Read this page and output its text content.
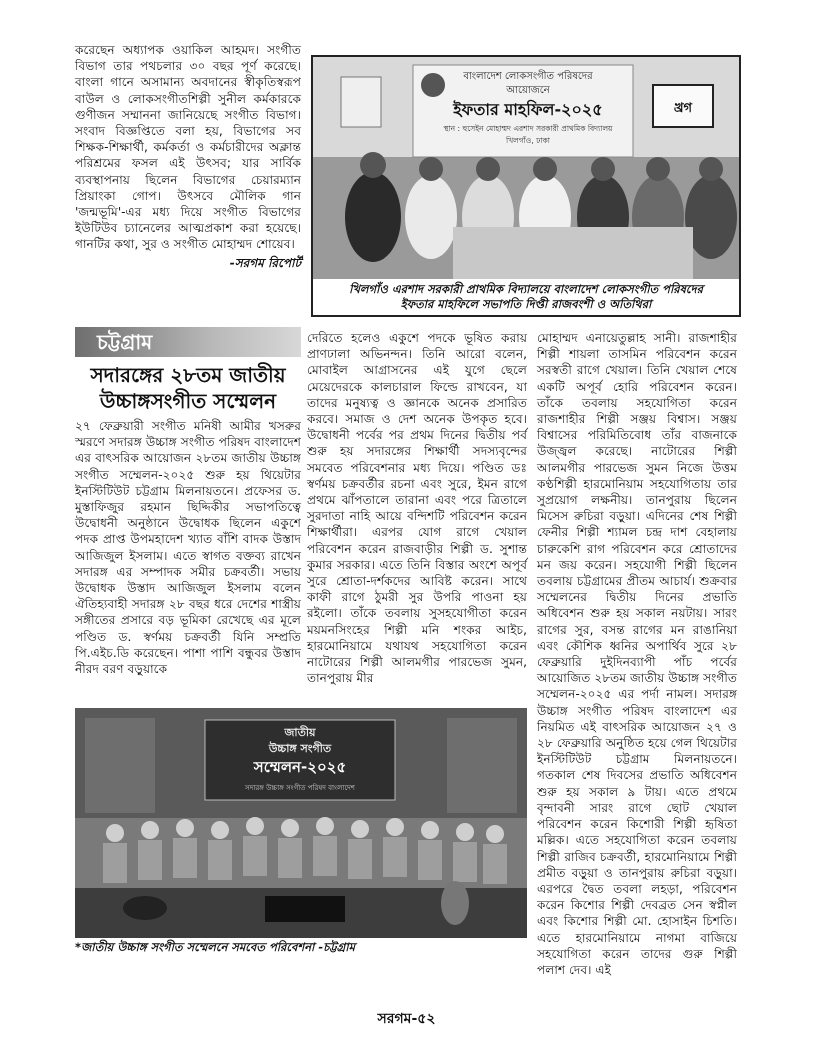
করেছেন অধ্যাপক ওয়াকিল আহমদ। সংগীত বিভাগ তার পথচলার ৩০ বছর পূর্ণ করেছে। বাংলা গানে অসামান্য অবদানের স্বীকৃতিস্বরূপ বাউল ও লোকসংগীতশিল্পী সুনীল কর্মকারকে গুণীজন সম্মাননা জানিয়েছে সংগীত বিভাগ। সংবাদ বিজ্ঞপ্তিতে বলা হয়, বিভাগের সব শিক্ষক-শিক্ষার্থী, কর্মকর্তা ও কর্মচারীদের অক্লান্ত পরিশ্রমের ফসল এই উৎসব; যার সার্বিক ব্যবস্থাপনায় ছিলেন বিভাগের চেয়ারম্যান প্রিয়াংকা গোপ। উৎসবে মৌলিক গান 'জন্মভূমি'-এর মধ্য দিয়ে সংগীত বিভাগের ইউটিউব চ্যানেলের আত্মপ্রকাশ করা হয়েছে। গানটির কথা, সুর ও সংগীত মোহাম্মদ শোয়েব।

-সরগম রিপোর্ট
বাংলাদেশ লোকসংগীত পরিষদের
আয়োজনে
ইফতার মাহফিল-২০২৫
স্থান : হুসেইন মোহাম্মদ এরশাদ সরকারী প্রাথমিক বিদ্যালয়
খিলগাঁও, ঢাকা
খ্রগ
খিলগাঁও এরশাদ সরকারী প্রাথমিক বিদ্যালয়ে বাংলাদেশ লোকসংগীত পরিষদের
ইফতার মাহফিলে সভাপতি দিপ্তী রাজবংশী ও অতিথিরা
চট্টগ্রাম
সদারঙ্গের ২৮তম জাতীয়
উচ্চাঙ্গসংগীত সম্মেলন

২৭ ফেব্রুয়ারী সংগীত মনিষী আমীর খসরুর স্মরণে সদারঙ্গ উচ্চাঙ্গ সংগীত পরিষদ বাংলাদেশ এর বাৎসরিক আয়োজন ২৮তম জাতীয় উচ্চাঙ্গ সংগীত সম্মেলন-২০২৫ শুরু হয় থিয়েটার ইনস্টিটিউট চট্টগ্রাম মিলনায়তনে। প্রফেসর ড. মুস্তাফিজুর রহমান ছিদ্দিকীর সভাপতিত্বে উদ্বোধনী অনুষ্ঠানে উদ্বোধক ছিলেন একুশে পদক প্রাপ্ত উপমহাদেশ খ্যাত বাঁশি বাদক উস্তাদ আজিজুল ইসলাম। এতে স্বাগত বক্তব্য রাখেন সদারঙ্গ এর সম্পাদক সমীর চক্রবর্তী। সভায় উদ্বোধক উস্তাদ আজিজুল ইসলাম বলেন ঐতিহ্যবাহী সদারঙ্গ ২৮ বছর ধরে দেশের শাস্ত্রীয় সঙ্গীতের প্রসারে বড় ভূমিকা রেখেছে এর মূলে পণ্ডিত ড. স্বর্ণময় চক্রবর্তী যিনি সম্প্রতি পি.এইচ.ডি করেছেন। পাশা পাশি বন্ধুবর উস্তাদ নীরদ বরণ বড়ুয়াকে

দেরিতে হলেও একুশে পদকে ভূষিত করায় প্রাণঢালা অভিনন্দন। তিনি আরো বলেন, মোবাইল আগ্রাসনের এই যুগে ছেলে মেয়েদেরকে কালচারাল ফিল্ডে রাখবেন, যা তাদের মনুষ্যত্ব ও জ্ঞানকে অনেক প্রসারিত করবে। সমাজ ও দেশ অনেক উপকৃত হবে। উদ্বোধনী পর্বের পর প্রথম দিনের দ্বিতীয় পর্ব শুরু হয় সদারঙ্গের শিক্ষার্থী সদস্যবৃন্দের সমবেত পরিবেশনার মধ্য দিয়ে। পণ্ডিত ডঃ স্বর্ণময় চক্রবর্তীর রচনা এবং সুরে, ইমন রাগে প্রথমে ঝাঁপতালে তারানা এবং পরে ত্রিতালে সুরদাতা নাহি আয়ে বন্দিশটি পরিবেশন করেন শিক্ষার্থীরা। এরপর যোগ রাগে খেয়াল পরিবেশন করেন রাজবাড়ীর শিল্পী ড. সুশান্ত কুমার সরকার। এতে তিনি বিস্তার অংশে অপূর্ব সুরে শ্রোতা-দর্শকদের আবিষ্ট করেন। সাথে কাফী রাগে ঠুমরী সুর উপরি পাওনা হয় রইলো। তাঁকে তবলায় সুসহযোগীতা করেন ময়মনসিংহের শিল্পী মনি শংকর আইচ, হারমোনিয়ামে যথাযথ সহযোগিতা করেন নাটোরের শিল্পী আলমগীর পারভেজ সুমন, তানপুরায় মীর

মোহাম্মদ এনায়েতুল্লাহ সানী। রাজশাহীর শিল্পী শায়লা তাসমিন পরিবেশন করেন সরস্বতী রাগে খেয়াল। তিনি খেয়াল শেষে একটি অপূর্ব হোরি পরিবেশন করেন। তাঁকে তবলায় সহযোগিতা করেন রাজশাহীর শিল্পী সঞ্জয় বিশ্বাস। সঞ্জয় বিশ্বাসের পরিমিতিবোধ তাঁর বাজনাকে উজ্জ্বল করেছে। নাটোরের শিল্পী আলমগীর পারভেজ সুমন নিজে উত্তম কণ্ঠশিল্পী হারমোনিয়াম সহযোগিতায় তার সুপ্রয়োগ লক্ষনীয়। তানপুরায় ছিলেন মিসেস রুচিরা বড়ুয়া। এদিনের শেষ শিল্পী ফেনীর শিল্পী শ্যামল চন্দ্র দাশ বেহালায় চারুকেশি রাগ পরিবেশন করে শ্রোতাদের মন জয় করেন। সহযোগী শিল্পী ছিলেন তবলায় চট্টগ্রামের প্রীতম আচার্য। শুক্রবার সম্মেলনের দ্বিতীয় দিনের প্রভাতি অধিবেশন শুরু হয় সকাল নয়টায়। সারং রাগের সুর, বসন্ত রাগের মন রাঙানিয়া এবং কৌশিক ধ্বনির অপার্থিব সুরে ২৮ ফেব্রুয়ারি দুইদিনব্যাপী পাঁচ পর্বের আয়োজিত ২৮তম জাতীয় উচ্চাঙ্গ সংগীত সম্মেলন-২০২৫ এর পর্দা নামল। সদারঙ্গ উচ্চাঙ্গ সংগীত পরিষদ বাংলাদেশ এর নিয়মিত এই বাৎসরিক আয়োজন ২৭ ও ২৮ ফেব্রুয়ারি অনুষ্ঠিত হয়ে গেল থিয়েটার ইনস্টিটিউট চট্টগ্রাম মিলনায়তনে। গতকাল শেষ দিবসের প্রভাতি অধিবেশন শুরু হয় সকাল ৯ টায়। এতে প্রথমে বৃন্দাবনী সারং রাগে ছোট খেয়াল পরিবেশন করেন কিশোরী শিল্পী হৃষিতা মল্লিক। এতে সহযোগিতা করেন তবলায় শিল্পী রাজিব চক্রবর্তী, হারমোনিয়ামে শিল্পী প্রমীত বড়ুয়া ও তানপুরায় রুচিরা বড়ুয়া। এরপরে দ্বৈত তবলা লহড়া, পরিবেশন করেন কিশোর শিল্পী দেবব্রত সেন স্বপ্নীল এবং কিশোর শিল্পী মো. হোসাইন চিশতি। এতে হারমোনিয়ামে নাগমা বাজিয়ে সহযোগিতা করেন তাদের গুরু শিল্পী পলাশ দেব। এই

জাতীয়
উচ্চাঙ্গ সংগীত
সম্মেলন-২০২৫
সদারঙ্গ উচ্চাঙ্গ সংগীত পরিষদ বাংলাদেশ
*জাতীয় উচ্চাঙ্গ সংগীত সম্মেলনে সমবেত পরিবেশনা -চট্টগ্রাম
সরগম-৫২
